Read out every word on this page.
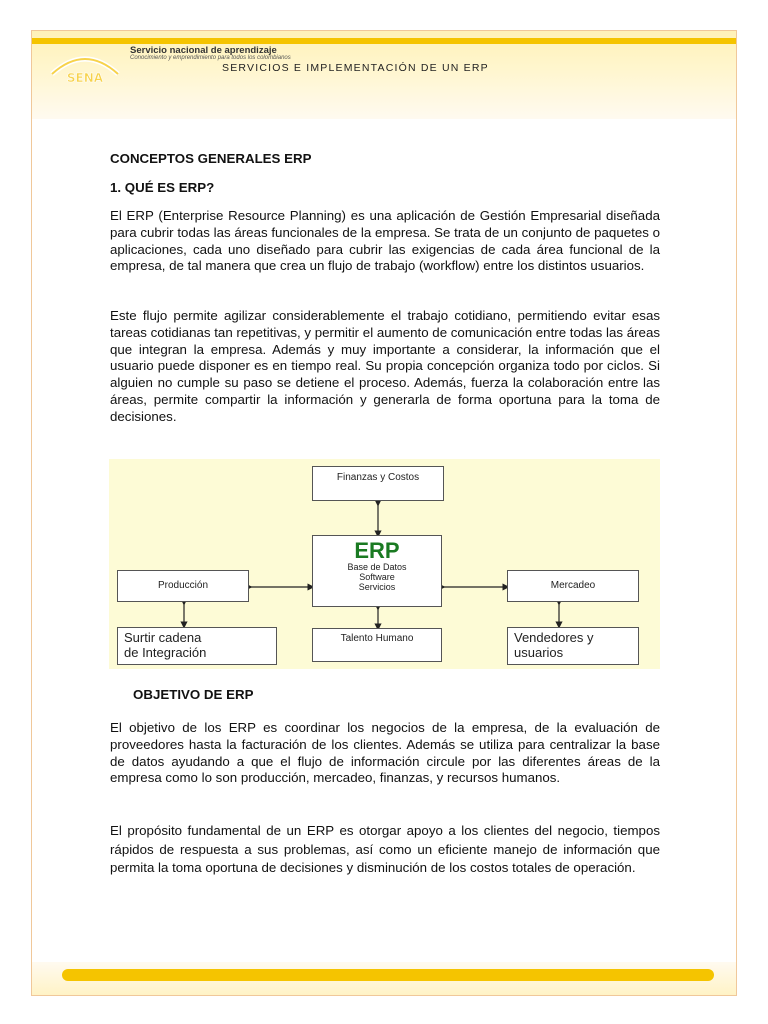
SENA
Servicio nacional de aprendizaje
Conocimiento y emprendimiento para todos los colombianos
SERVICIOS E IMPLEMENTACIÓN DE UN ERP
CONCEPTOS GENERALES ERP
1. QUÉ ES ERP?

El ERP (Enterprise Resource Planning) es una aplicación de Gestión Empresarial diseñada para cubrir todas las áreas funcionales de la empresa. Se trata de un conjunto de paquetes o aplicaciones, cada uno diseñado para cubrir las exigencias de cada área funcional de la empresa, de tal manera que crea un flujo de trabajo (workflow) entre los distintos usuarios.

Este flujo permite agilizar considerablemente el trabajo cotidiano, permitiendo evitar esas tareas cotidianas tan repetitivas, y permitir el aumento de comunicación entre todas las áreas que integran la empresa. Además y muy importante a considerar, la información que el usuario puede disponer es en tiempo real. Su propia concepción organiza todo por ciclos. Si alguien no cumple su paso se detiene el proceso. Además, fuerza la colaboración entre las áreas, permite compartir la información y generarla de forma oportuna para la toma de decisiones.

Finanzas y Costos
ERP
Base de Datos
Software
Servicios
Producción	Mercadeo
Surtir cadena
de Integración
Talento Humano	Vendedores y
usuarios
OBJETIVO DE ERP

El objetivo de los ERP es coordinar los negocios de la empresa, de la evaluación de proveedores hasta la facturación de los clientes. Además se utiliza para centralizar la base de datos ayudando a que el flujo de información circule por las diferentes áreas de la empresa como lo son producción, mercadeo, finanzas, y recursos humanos.

El propósito fundamental de un ERP es otorgar apoyo a los clientes del negocio, tiempos rápidos de respuesta a sus problemas, así como un eficiente manejo de información que permita la toma oportuna de decisiones y disminución de los costos totales de operación.
